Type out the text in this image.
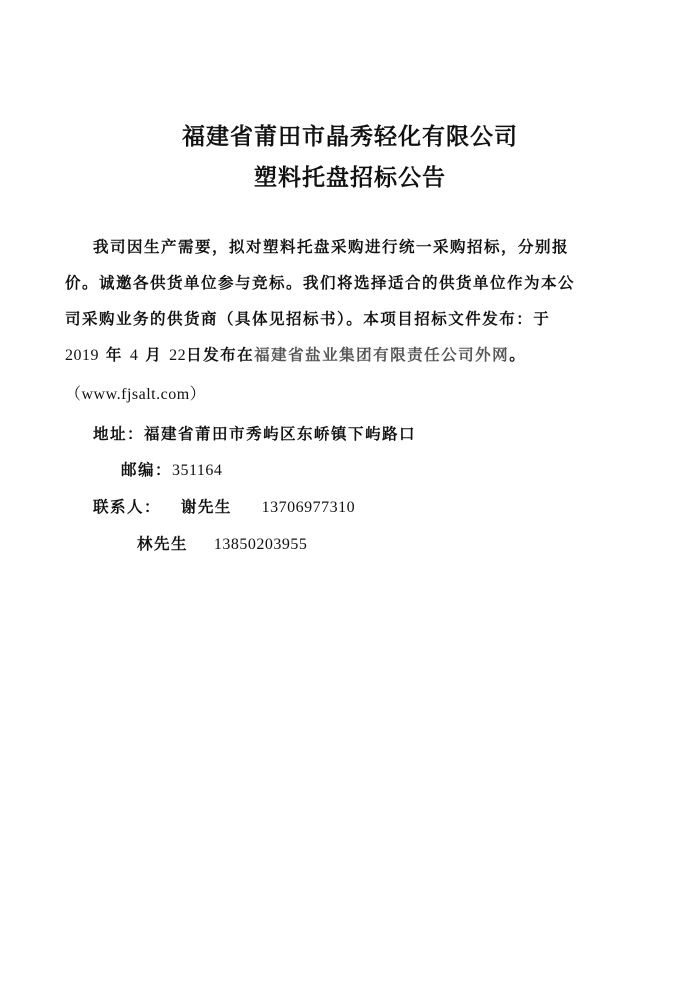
福建省莆田市晶秀轻化有限公司
塑料托盘招标公告
我司因生产需要，拟对塑料托盘采购进行统一采购招标，分别报
价。诚邀各供货单位参与竞标。我们将选择适合的供货单位作为本公
司采购业务的供货商（具体见招标书）。本项目招标文件发布：于
2019 年 4 月 22日发布在福建省盐业集团有限责任公司外网。
（www.fjsalt.com）
地址：福建省莆田市秀屿区东峤镇下屿路口
邮编：351164
联系人： 谢先生 13706977310
林先生 13850203955
